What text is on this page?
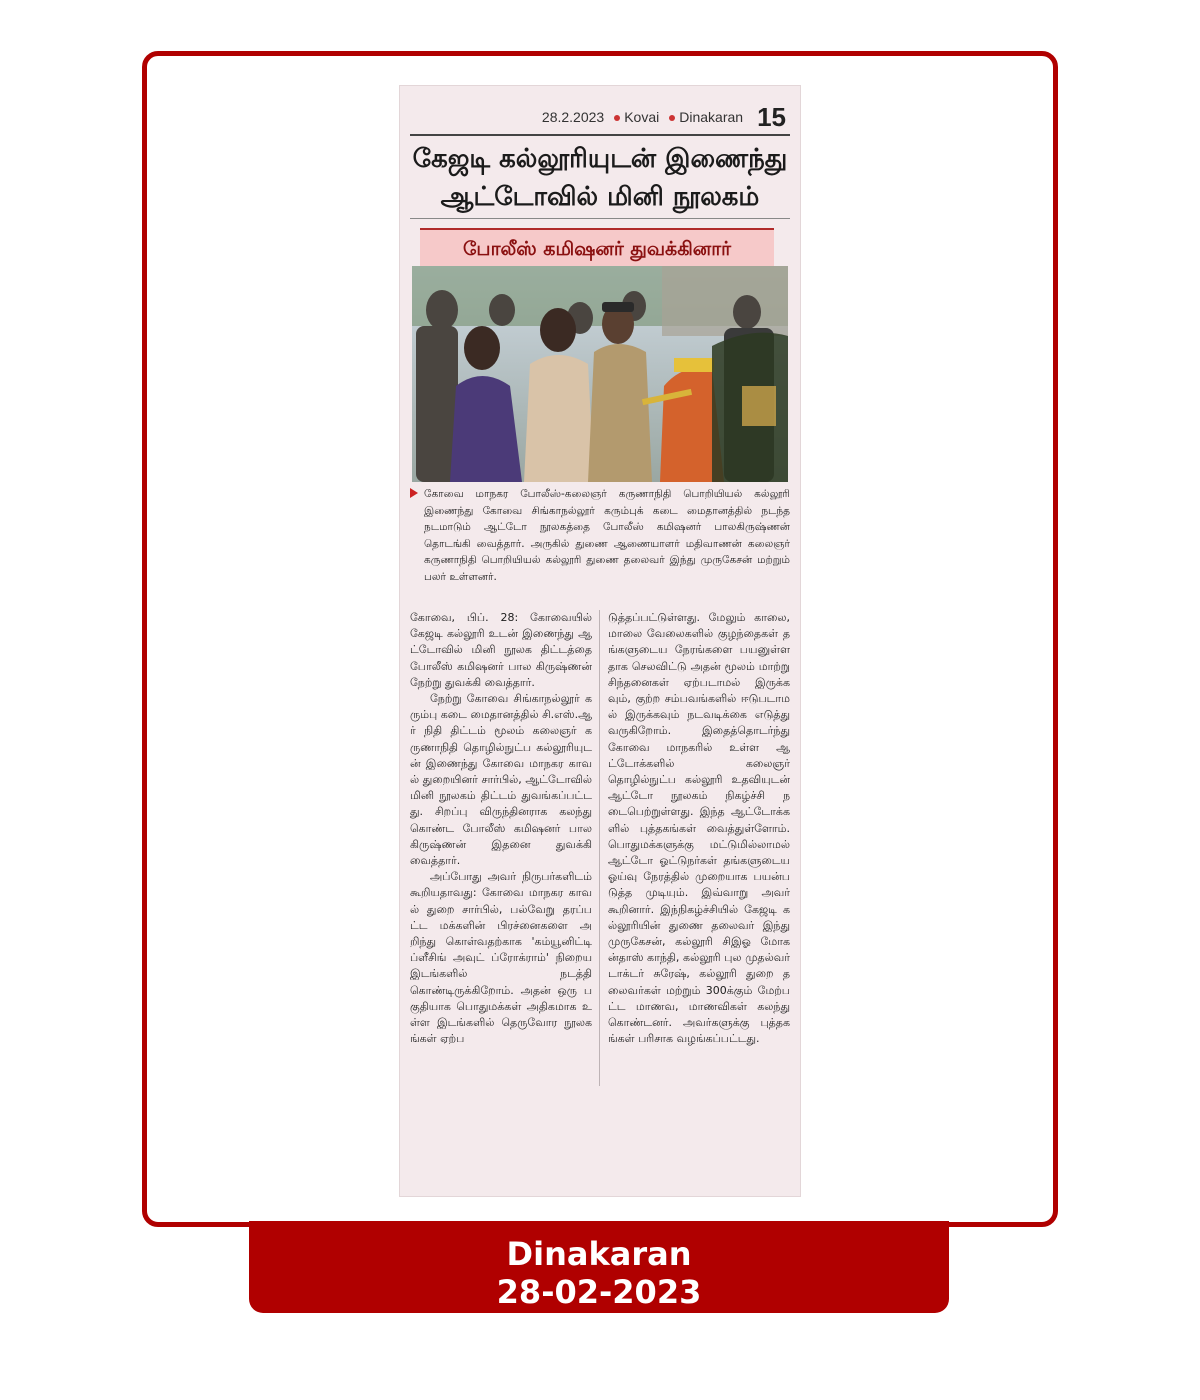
28.2.2023	Kovai	Dinakaran 15
கேஜடி கல்லூரியுடன் இணைந்து
ஆட்டோவில் மினி நூலகம்
போலீஸ் கமிஷனர் துவக்கினார்
கோவை மாநகர போலீஸ்-கலைஞர் கருணாநிதி பொறியியல் கல்லூரி இணைந்து கோவை சிங்காநல்லூர் கரும்புக் கடை மைதானத்தில் நடந்த நடமாடும் ஆட்டோ நூலகத்தை போலீஸ் கமிஷனர் பாலகிருஷ்ணன் தொடங்கி வைத்தார். அருகில் துணை ஆணையாளர் மதிவாணன் கலைஞர் கருணாநிதி பொறியியல் கல்லூரி துணை தலைவர் இந்து முருகேசன் மற்றும் பலர் உள்ளனர்.

கோவை, பிப். 28: கோவையில் கேஜடி கல்லூரி உடன் இணைந்து ஆட்டோவில் மினி நூலக திட்டத்தை போலீஸ் கமிஷனர் பால கிருஷ்ணன் நேற்று துவக்கி வைத்தார்.

நேற்று கோவை சிங்காநல்லூர் கரும்பு கடை மைதானத்தில் சி.எஸ்.ஆர் நிதி திட்டம் மூலம் கலைஞர் கருணாநிதி தொழில்நுட்ப கல்லூரியுடன் இணைந்து கோவை மாநகர காவல் துறையினர் சார்பில், ஆட்டோவில் மினி நூலகம் திட்டம் துவங்கப்பட்டது. சிறப்பு விருந்தினராக கலந்து கொண்ட போலீஸ் கமிஷனர் பாலகிருஷ்ணன் இதனை துவக்கி வைத்தார்.

அப்போது அவர் நிருபர்களிடம் கூறியதாவது: கோவை மாநகர காவல் துறை சார்பில், பல்வேறு தரப்பட்ட மக்களின் பிரச்னைகளை அறிந்து கொள்வதற்காக 'கம்யூனிட்டி ப்ளீசிங் அவுட் ப்ரோக்ராம்' நிறைய இடங்களில் நடத்தி கொண்டிருக்கிறோம். அதன் ஒரு பகுதியாக பொதுமக்கள் அதிகமாக உள்ள இடங்களில் தெருவோர நூலகங்கள் ஏற்ப

டுத்தப்பட்டுள்ளது. மேலும் காலை, மாலை வேலைகளில் குழந்தைகள் தங்களுடைய நேரங்களை பயனுள்ளதாக செலவிட்டு அதன் மூலம் மாற்று சிந்தனைகள் ஏற்படாமல் இருக்கவும், குற்ற சம்பவங்களில் ஈடுபடாமல் இருக்கவும் நடவடிக்கை எடுத்து வருகிறோம். இதைத்தொடர்ந்து கோவை மாநகரில் உள்ள ஆட்டோக்களில் கலைஞர் தொழில்நுட்ப கல்லூரி உதவியுடன் ஆட்டோ நூலகம் நிகழ்ச்சி நடைபெற்றுள்ளது. இந்த ஆட்டோக்களில் புத்தகங்கள் வைத்துள்ளோம். பொதுமக்களுக்கு மட்டுமில்லாமல் ஆட்டோ ஓட்டுநர்கள் தங்களுடைய ஓய்வு நேரத்தில் முறையாக பயன்படுத்த முடியும். இவ்வாறு அவர் கூறினார். இந்நிகழ்ச்சியில் கேஜடி கல்லூரியின் துணை தலைவர் இந்து முருகேசன், கல்லூரி சிஇஓ மோகன்தாஸ் காந்தி, கல்லூரி புல முதல்வர் டாக்டர் சுரேஷ், கல்லூரி துறை தலைவர்கள் மற்றும் 300க்கும் மேற்பட்ட மாணவ, மாணவிகள் கலந்து கொண்டனர். அவர்களுக்கு புத்தகங்கள் பரிசாக வழங்கப்பட்டது.

Dinakaran
28-02-2023
